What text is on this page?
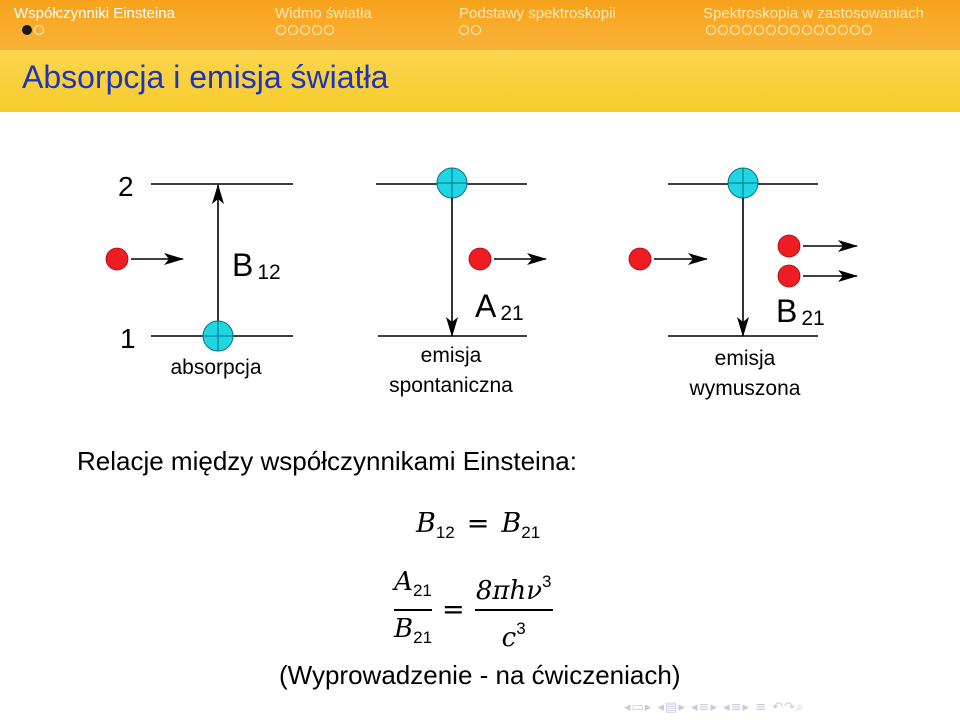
Współczynniki Einsteina	Widmo światła	Podstawy spektroskopii	Spektroskopia w zastosowaniach
Absorpcja i emisja światła
2
1
B 12
absorpcja
A 21
emisja
spontaniczna
B 21
emisja
wymuszona
Relacje między współczynnikami Einsteina:
$B_{12} = B_{21}$
$\frac{A_{21}}{B_{21}} = \frac{8\pi h\nu^3}{c^3}$
(Wyprowadzenie - na ćwiczeniach)
◂▭▸ ◂▤▸ ◂≡▸ ◂≡▸ ≡ ↶↷⌕
